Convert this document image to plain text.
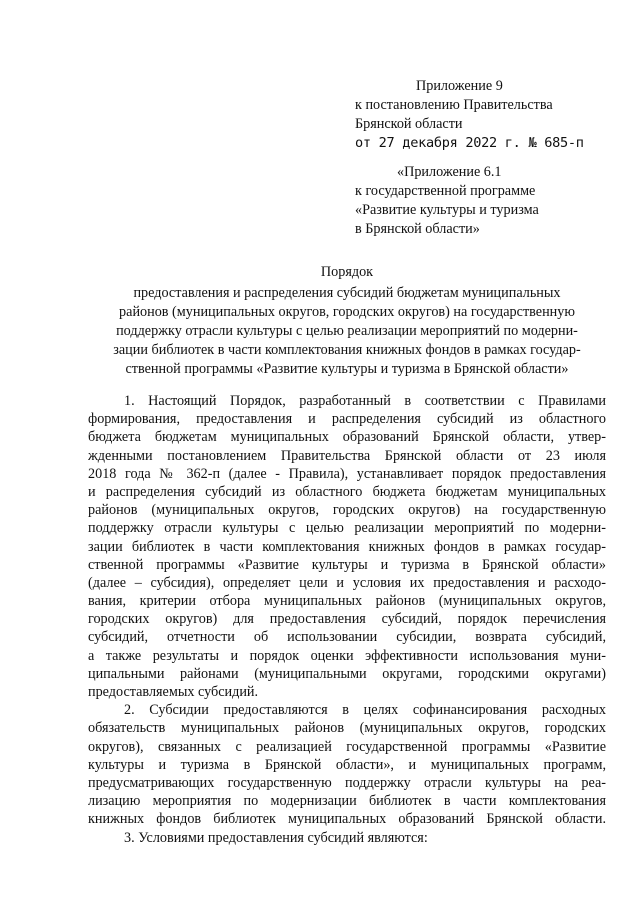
Приложение 9
к постановлению Правительства
Брянской области
от 27 декабря 2022 г. № 685-п
«Приложение 6.1
к государственной программе
«Развитие культуры и туризма
в Брянской области»
Порядок
предоставления и распределения субсидий бюджетам муниципальных
районов (муниципальных округов, городских округов) на государственную
поддержку отрасли культуры с целью реализации мероприятий по модерни-
зации библиотек в части комплектования книжных фондов в рамках государ-
ственной программы «Развитие культуры и туризма в Брянской области»
1. Настоящий Порядок, разработанный в соответствии с Правилами
формирования, предоставления и распределения субсидий из областного
бюджета бюджетам муниципальных образований Брянской области, утвер-
жденными постановлением Правительства Брянской области от 23 июля
2018 года № 362-п (далее - Правила), устанавливает порядок предоставления
и распределения субсидий из областного бюджета бюджетам муниципальных
районов (муниципальных округов, городских округов) на государственную
поддержку отрасли культуры с целью реализации мероприятий по модерни-
зации библиотек в части комплектования книжных фондов в рамках государ-
ственной программы «Развитие культуры и туризма в Брянской области»
(далее – субсидия), определяет цели и условия их предоставления и расходо-
вания, критерии отбора муниципальных районов (муниципальных округов,
городских округов) для предоставления субсидий, порядок перечисления
субсидий, отчетности об использовании субсидии, возврата субсидий,
а также результаты и порядок оценки эффективности использования муни-
ципальными районами (муниципальными округами, городскими округами)
предоставляемых субсидий.
2. Субсидии предоставляются в целях софинансирования расходных
обязательств муниципальных районов (муниципальных округов, городских
округов), связанных с реализацией государственной программы «Развитие
культуры и туризма в Брянской области», и муниципальных программ,
предусматривающих государственную поддержку отрасли культуры на реа-
лизацию мероприятия по модернизации библиотек в части комплектования
книжных фондов библиотек муниципальных образований Брянской области.
3. Условиями предоставления субсидий являются:
